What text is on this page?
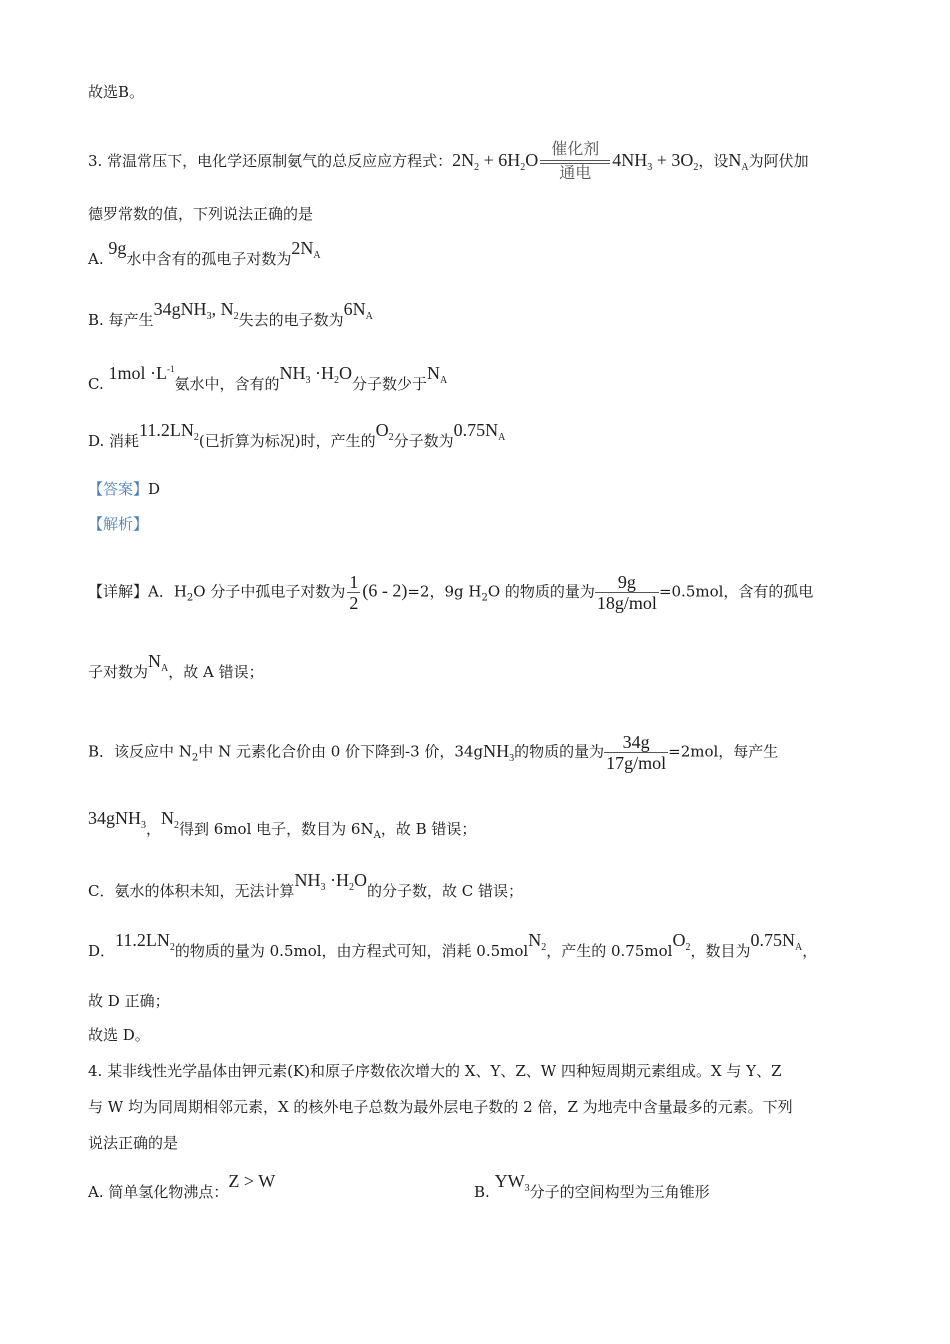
故选B。
3. 常温常压下，电化学还原制氨气的总反应应方程式：$2N_2 + 6H_2O$
催化剂
通电
$4NH_3 + 3O_2$，设$N_A$为阿伏加
德罗常数的值，下列说法正确的是
A. 9g水中含有的孤电子对数为$2N_A$
B. 每产生34gNH$_3$, $N_2$失去的电子数为$6N_A$
C. $1mol \cdot L^{-1}$氨水中，含有的$NH_3 \cdot H_2O$分子数少于$N_A$
D. 消耗$11.2LN_2$(已折算为标况)时，产生的$O_2$分子数为$0.75N_A$
【答案】D
【解析】
【详解】A．$H_2O$ 分子中孤电子对数为 $\frac{1}{2} (6 - 2)=2$，9g $H_2O$ 的物质的量为 $\frac{9g}{\text{18g/mol}} =0.5mol$，含有的孤电
子对数为$N_A$，故 A 错误；
B．该反应中 $N_2$中 N 元素化合价由 0 价下降到-3 价，34gNH$_3$的物质的量为 $\frac{34g}{\text{17g/mol}} =2mol$，每产生
34gNH$_3$，$N_2$得到 6mol 电子，数目为 $6N_A$，故 B 错误；
C．氨水的体积未知，无法计算$NH_3 \cdot H_2O$的分子数，故 C 错误；
D．$11.2LN_2$的物质的量为 0.5mol，由方程式可知，消耗 0.5molN$_2$，产生的 0.75molO$_2$，数目为$0.75N_A$，
故 D 正确；
故选 D。
4. 某非线性光学晶体由钾元素(K)和原子序数依次增大的 X、Y、Z、W 四种短周期元素组成。X 与 Y、Z
与 W 均为同周期相邻元素，X 的核外电子总数为最外层电子数的 2 倍，Z 为地壳中含量最多的元素。下列
说法正确的是
A. 简单氢化物沸点：Z > W
B. $YW_3$分子的空间构型为三角锥形
